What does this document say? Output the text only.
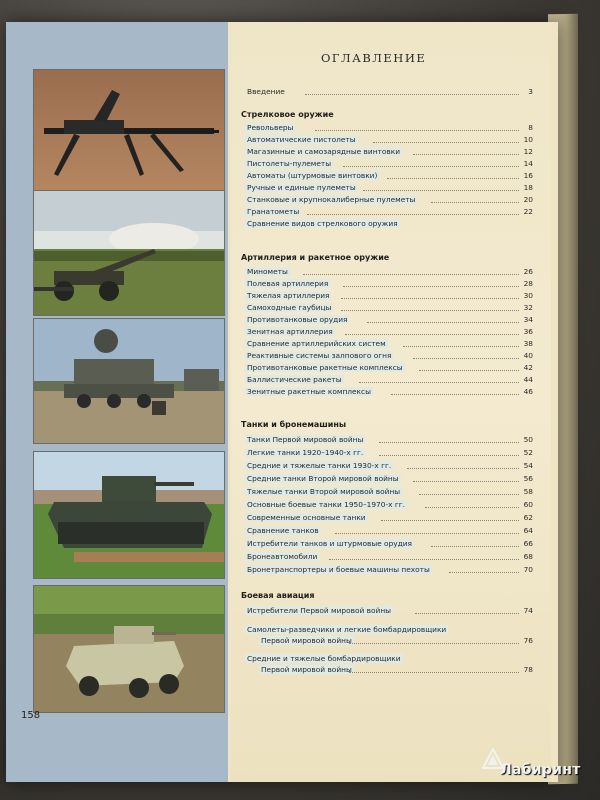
158
ОГЛАВЛЕНИЕ
Введение	3
Стрелковое оружие
Револьверы	8
Автоматические пистолеты	10
Магазинные и самозарядные винтовки	12
Пистолеты-пулеметы	14
Автоматы (штурмовые винтовки)	16
Ручные и единые пулеметы	18
Станковые и крупнокалиберные пулеметы	20
Гранатометы	22
Сравнение видов стрелкового оружия
Артиллерия и ракетное оружие
Минометы	26
Полевая артиллерия	28
Тяжелая артиллерия	30
Самоходные гаубицы	32
Противотанковые орудия	34
Зенитная артиллерия	36
Сравнение артиллерийских систем	38
Реактивные системы залпового огня	40
Противотанковые ракетные комплексы	42
Баллистические ракеты	44
Зенитные ракетные комплексы	46
Танки и бронемашины
Танки Первой мировой войны	50
Легкие танки 1920–1940-х гг.	52
Средние и тяжелые танки 1930-х гг.	54
Средние танки Второй мировой войны	56
Тяжелые танки Второй мировой войны	58
Основные боевые танки 1950–1970-х гг.	60
Современные основные танки	62
Сравнение танков	64
Истребители танков и штурмовые орудия	66
Бронеавтомобили	68
Бронетранспортеры и боевые машины пехоты	70
Боевая авиация
Истребители Первой мировой войны	74
Самолеты-разведчики и легкие бомбардировщики
Первой мировой войны	76
Средние и тяжелые бомбардировщики
Первой мировой войны	78
Лабиринт
